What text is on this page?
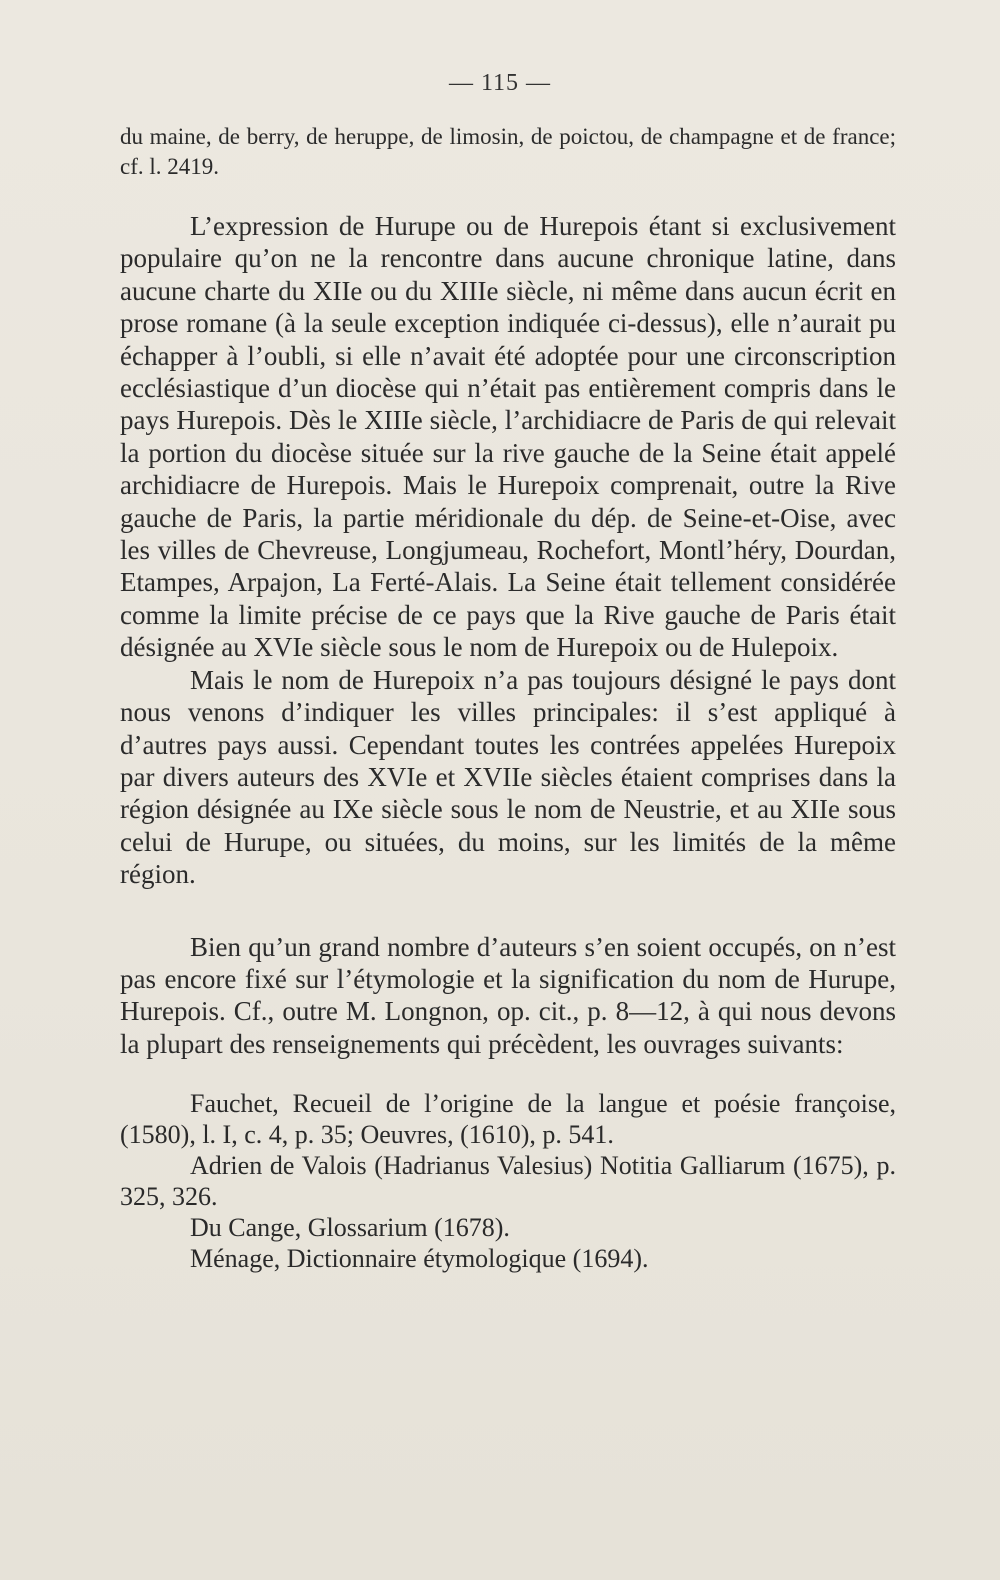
— 115 —

du maine, de berry, de heruppe, de limosin, de poictou, de champagne et de france; cf. l. 2419.

L’expression de Hurupe ou de Hurepois étant si exclusivement populaire qu’on ne la rencontre dans aucune chronique latine, dans aucune charte du XIIe ou du XIIIe siècle, ni même dans aucun écrit en prose romane (à la seule exception indiquée ci-dessus), elle n’aurait pu échapper à l’oubli, si elle n’avait été adoptée pour une circonscription ecclésiastique d’un diocèse qui n’était pas entièrement compris dans le pays Hurepois. Dès le XIIIe siècle, l’archidiacre de Paris de qui relevait la portion du diocèse située sur la rive gauche de la Seine était appelé archidiacre de Hurepois. Mais le Hurepoix comprenait, outre la Rive gauche de Paris, la partie méridionale du dép. de Seine-et-Oise, avec les villes de Chevreuse, Longjumeau, Rochefort, Montl’héry, Dourdan, Etampes, Arpajon, La Ferté-Alais. La Seine était tellement considérée comme la limite précise de ce pays que la Rive gauche de Paris était désignée au XVIe siècle sous le nom de Hurepoix ou de Hulepoix.

Mais le nom de Hurepoix n’a pas toujours désigné le pays dont nous venons d’indiquer les villes principales: il s’est appliqué à d’autres pays aussi. Cependant toutes les contrées appelées Hurepoix par divers auteurs des XVIe et XVIIe siècles étaient comprises dans la région désignée au IXe siècle sous le nom de Neustrie, et au XIIe sous celui de Hurupe, ou situées, du moins, sur les limités de la même région.

Bien qu’un grand nombre d’auteurs s’en soient occupés, on n’est pas encore fixé sur l’étymologie et la signification du nom de Hurupe, Hurepois. Cf., outre M. Longnon, op. cit., p. 8—12, à qui nous devons la plupart des renseignements qui précèdent, les ouvrages suivants:

Fauchet, Recueil de l’origine de la langue et poésie françoise, (1580), l. I, c. 4, p. 35; Oeuvres, (1610), p. 541.

Adrien de Valois (Hadrianus Valesius) Notitia Galliarum (1675), p. 325, 326.

Du Cange, Glossarium (1678).

Ménage, Dictionnaire étymologique (1694).
